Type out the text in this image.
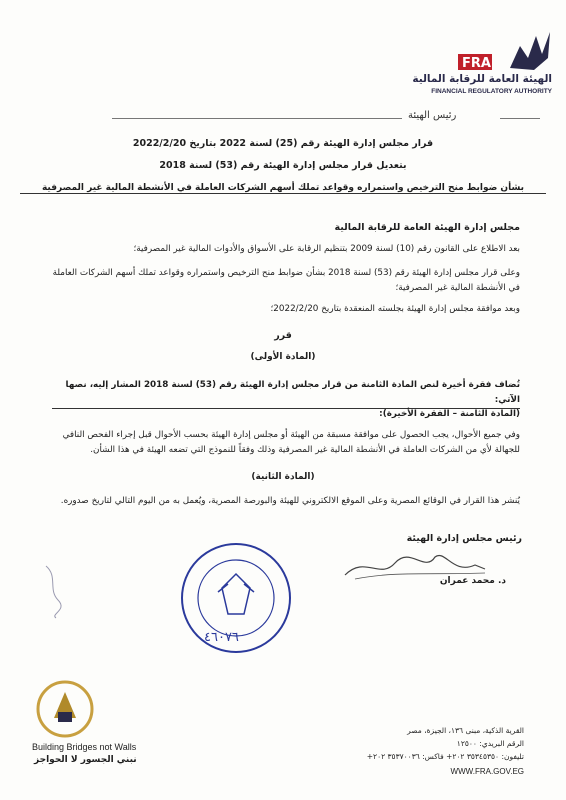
FRA
الهيئة العامة للرقابة المالية
FINANCIAL REGULATORY AUTHORITY
رئيس الهيئة
قرار مجلس إدارة الهيئة رقم (25) لسنة 2022 بتاريخ 2022/2/20
بتعديل قرار مجلس إدارة الهيئة رقم (53) لسنة 2018
بشأن ضوابط منح الترخيص واستمراره وقواعد تملك أسهم الشركات العاملة في الأنشطة المالية غير المصرفية
مجلس إدارة الهيئة العامة للرقابة المالية
بعد الاطلاع على القانون رقم (10) لسنة 2009 بتنظيم الرقابة على الأسواق والأدوات المالية غير المصرفية؛
وعلى قرار مجلس إدارة الهيئة رقم (53) لسنة 2018 بشأن ضوابط منح الترخيص واستمراره وقواعد تملك أسهم الشركات العاملة في الأنشطة المالية غير المصرفية؛
وبعد موافقة مجلس إدارة الهيئة بجلسته المنعقدة بتاريخ 2022/2/20؛
قرر
(المادة الأولى)
تُضاف فقرة أخيرة لنص المادة الثامنة من قرار مجلس إدارة الهيئة رقم (53) لسنة 2018 المشار إليه، نصها الآتي:
(المادة الثامنة – الفقرة الأخيرة):
وفي جميع الأحوال، يجب الحصول على موافقة مسبقة من الهيئة أو مجلس إدارة الهيئة بحسب الأحوال قبل إجراء الفحص النافي للجهالة لأي من الشركات العاملة في الأنشطة المالية غير المصرفية وذلك وفقاً للنموذج التي تضعه الهيئة في هذا الشأن.
(المادة الثانية)
يُنشر هذا القرار في الوقائع المصرية وعلى الموقع الالكتروني للهيئة والبورصة المصرية، ويُعمل به من اليوم التالي لتاريخ صدوره.
رئيس مجلس إدارة الهيئة
د. محمد عمران
٤٦٠٧٦
Building Bridges not Walls
نبني الجسور لا الحواجز
القرية الذكية، مبنى ١٣٦، الجيزة، مصر
الرقم البريدي: ١٢٥٠٠
تليفون: ٣٥٣٤٥٣٥٠ ٢٠٢+ فاكس: ٣٥٣٧٠٠٣٦ ٢٠٢+
WWW.FRA.GOV.EG
